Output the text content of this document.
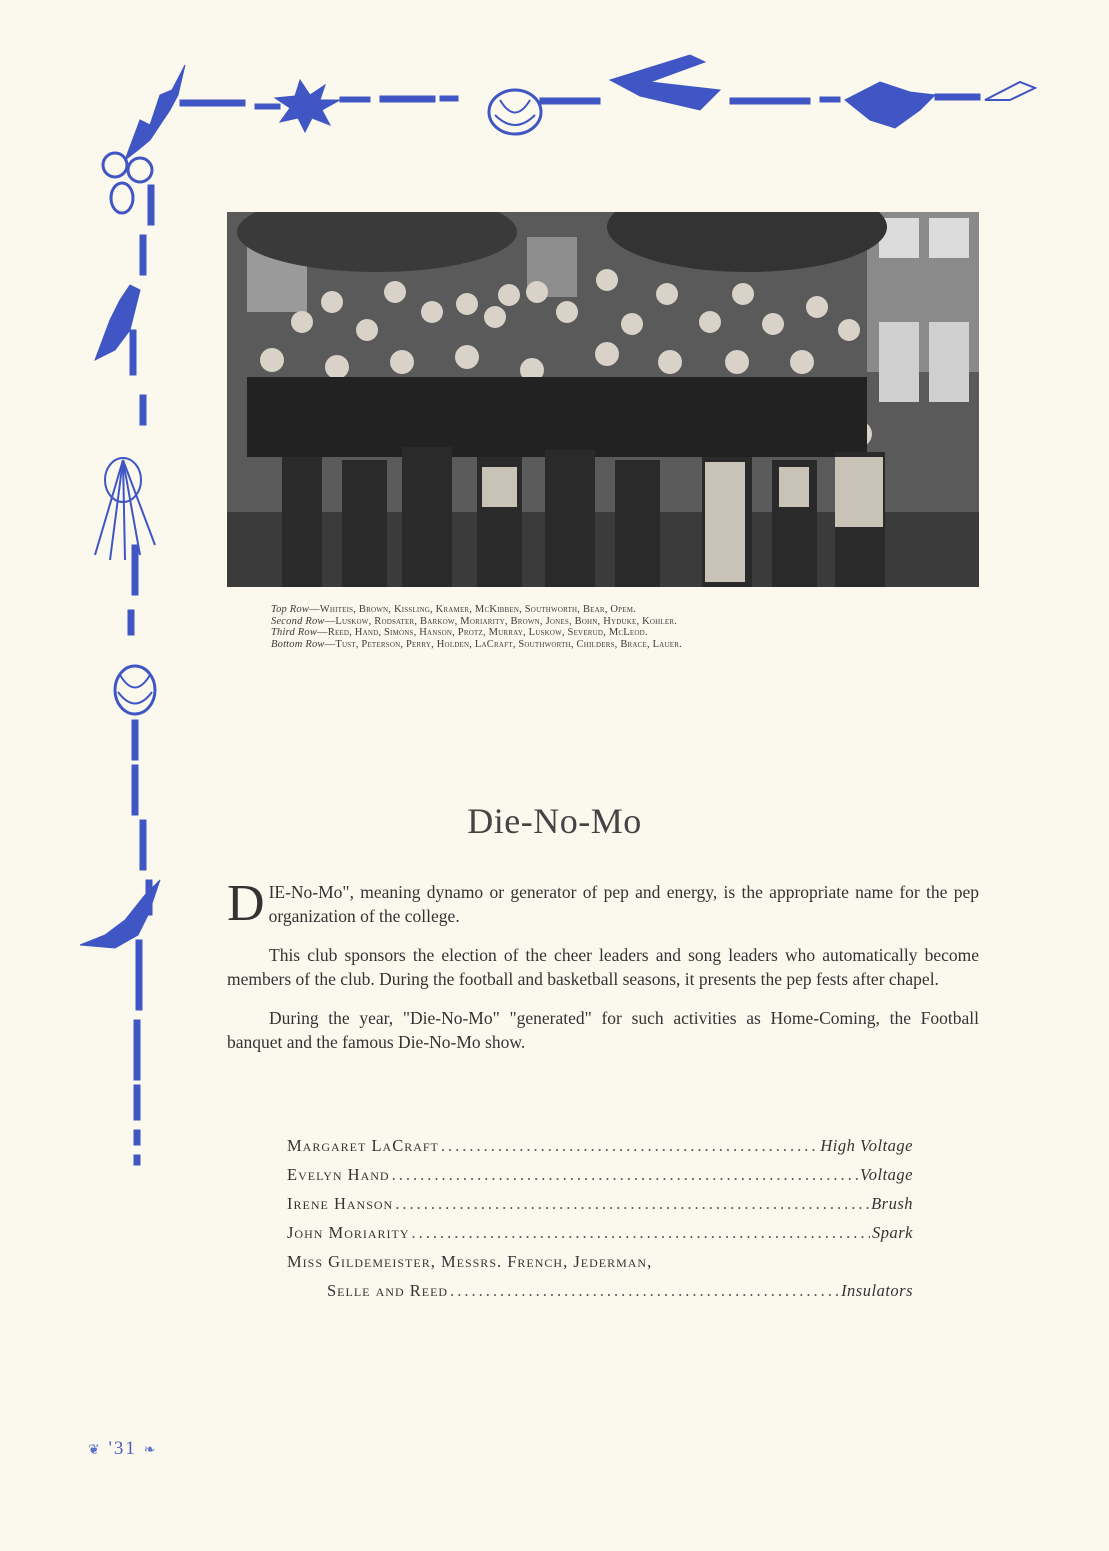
Top Row—Whiteis, Brown, Kissling, Kramer, McKibben, Southworth, Bear, Opem.
Second Row—Luskow, Rodsater, Barkow, Moriarity, Brown, Jones, Bohn, Hyduke, Kohler.
Third Row—Reed, Hand, Simons, Hanson, Protz, Murray, Luskow, Severud, McLeod.
Bottom Row—Tust, Peterson, Perry, Holden, LaCraft, Southworth, Childers, Brace, Lauer.
Die-No-Mo

DIE-No-Mo", meaning dynamo or generator of pep and energy, is the appropriate name for the pep organization of the college.

This club sponsors the election of the cheer leaders and song leaders who automatically become members of the club. During the football and basketball seasons, it presents the pep fests after chapel.

During the year, "Die-No-Mo" "generated" for such activities as Home-Coming, the Football banquet and the famous Die-No-Mo show.

Margaret LaCraft .....	High Voltage
Evelyn Hand .....	Voltage
Irene Hanson .....	Brush
John Moriarity .....	Spark
Miss Gildemeister, Messrs. French, Jederman,
Selle and Reed .....	Insulators
❦ '31 ❧
